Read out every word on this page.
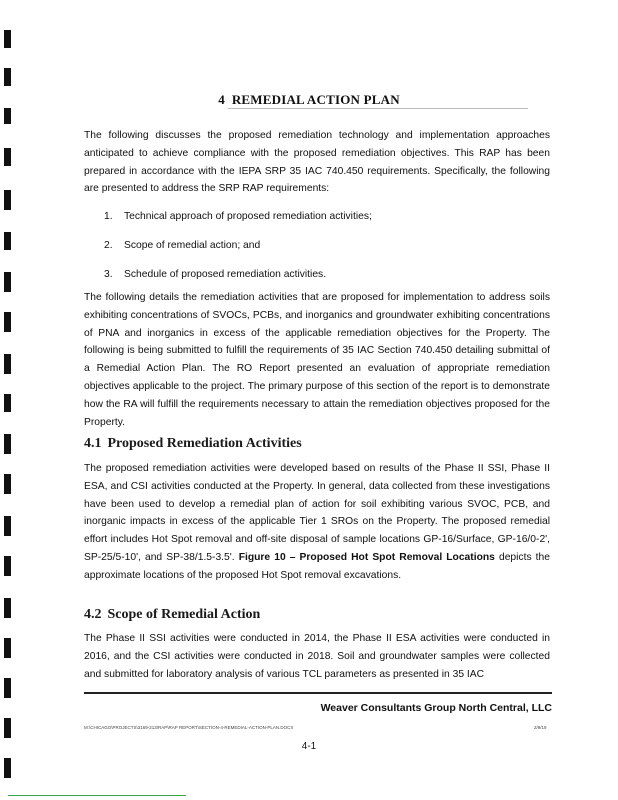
4 REMEDIAL ACTION PLAN

The following discusses the proposed remediation technology and implementation approaches anticipated to achieve compliance with the proposed remediation objectives. This RAP has been prepared in accordance with the IEPA SRP 35 IAC 740.450 requirements. Specifically, the following are presented to address the SRP RAP requirements:

1. Technical approach of proposed remediation activities;
2. Scope of remedial action; and
3. Schedule of proposed remediation activities.

The following details the remediation activities that are proposed for implementation to address soils exhibiting concentrations of SVOCs, PCBs, and inorganics and groundwater exhibiting concentrations of PNA and inorganics in excess of the applicable remediation objectives for the Property. The following is being submitted to fulfill the requirements of 35 IAC Section 740.450 detailing submittal of a Remedial Action Plan. The RO Report presented an evaluation of appropriate remediation objectives applicable to the project. The primary purpose of this section of the report is to demonstrate how the RA will fulfill the requirements necessary to attain the remediation objectives proposed for the Property.

4.1 Proposed Remediation Activities

The proposed remediation activities were developed based on results of the Phase II SSI, Phase II ESA, and CSI activities conducted at the Property. In general, data collected from these investigations have been used to develop a remedial plan of action for soil exhibiting various SVOC, PCB, and inorganic impacts in excess of the applicable Tier 1 SROs on the Property. The proposed remedial effort includes Hot Spot removal and off-site disposal of sample locations GP-16/Surface, GP-16/0-2', SP-25/5-10', and SP-38/1.5-3.5'. Figure 10 – Proposed Hot Spot Removal Locations depicts the approximate locations of the proposed Hot Spot removal excavations.

4.2 Scope of Remedial Action

The Phase II SSI activities were conducted in 2014, the Phase II ESA activities were conducted in 2016, and the CSI activities were conducted in 2018. Soil and groundwater samples were collected and submitted for laboratory analysis of various TCL parameters as presented in 35 IAC

Weaver Consultants Group North Central, LLC
M:\CHICAGO\PROJECTS\3169-213\RAP\RAP REPORT\SECTION-4-REMEDIAL-ACTION-PLAN.DOCX	2/9/19
4-1
